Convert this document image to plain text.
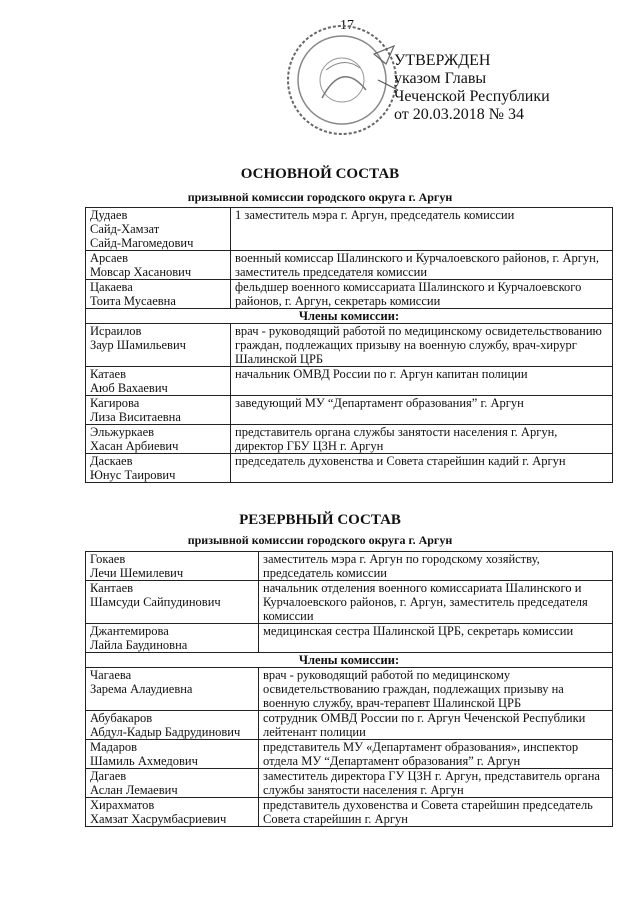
17
УТВЕРЖДЕН
указом Главы
Чеченской Республики
от 20.03.2018 № 34
ОСНОВНОЙ СОСТАВ
призывной комиссии городского округа г. Аргун
Дудаев
Сайд-Хамзат
Сайд-Магомедович	1 заместитель мэра г. Аргун, председатель комиссии

Арсаев
Мовсар Хасанович	военный комиссар Шалинского и Курчалоевского районов, г. Аргун, заместитель председателя комиссии

Цакаева
Тоита Мусаевна	фельдшер военного комиссариата Шалинского и Курчалоевского районов, г. Аргун, секретарь комиссии
Члены комиссии:	

Исраилов
Заур Шамильевич	врач - руководящий работой по медицинскому освидетельствованию граждан, подлежащих призыву на военную службу, врач-хирург Шалинской ЦРБ

Катаев
Аюб Вахаевич	начальник ОМВД России по г. Аргун капитан полиции

Кагирова
Лиза Виситаевна	заведующий МУ “Департамент образования” г. Аргун

Эльжуркаев
Хасан Арбиевич	представитель органа службы занятости населения г. Аргун, директор ГБУ ЦЗН г. Аргун

Даскаев
Юнус Таирович	председатель духовенства и Совета старейшин кадий г. Аргун
РЕЗЕРВНЫЙ СОСТАВ
призывной комиссии городского округа г. Аргун
Гокаев
Лечи Шемилевич	заместитель мэра г. Аргун по городскому хозяйству, председатель комиссии

Кантаев
Шамсуди Сайпудинович	начальник отделения военного комиссариата Шалинского и Курчалоевского районов, г. Аргун, заместитель председателя комиссии

Джантемирова
Лайла Баудиновна	медицинская сестра Шалинской ЦРБ, секретарь комиссии
Члены комиссии:	

Чагаева
Зарема Алаудиевна	врач - руководящий работой по медицинскому освидетельствованию граждан, подлежащих призыву на военную службу, врач-терапевт Шалинской ЦРБ

Абубакаров
Абдул-Кадыр Бадрудинович	сотрудник ОМВД России по г. Аргун Чеченской Республики лейтенант полиции

Мадаров
Шамиль Ахмедович	представитель МУ «Департамент образования», инспектор отдела МУ “Департамент образования” г. Аргун

Дагаев
Аслан Лемаевич	заместитель директора ГУ ЦЗН г. Аргун, представитель органа службы занятости населения г. Аргун

Хирахматов
Хамзат Хасрумбасриевич	представитель духовенства и Совета старейшин председатель Совета старейшин г. Аргун
